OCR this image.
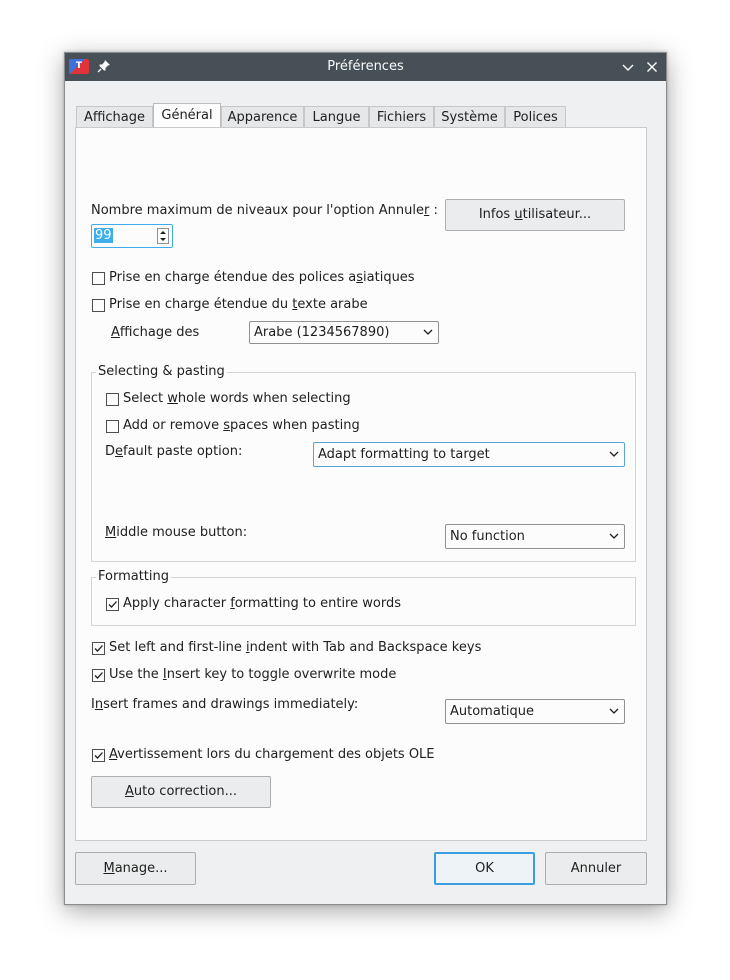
T	Préférences
Affichage	Général	Apparence	Langue	Fichiers	Système	Polices
Nombre maximum de niveaux pour l'option Annuler :
99
Infos utilisateur...
Prise en charge étendue des polices asiatiques
Prise en charge étendue du texte arabe
Affichage des	Arabe (1234567890)
Selecting & pasting
Select whole words when selecting
Add or remove spaces when pasting
Default paste option:	Adapt formatting to target
Middle mouse button:	No function
Formatting
Apply character formatting to entire words
Set left and first-line indent with Tab and Backspace keys
Use the Insert key to toggle overwrite mode
Insert frames and drawings immediately:	Automatique
Avertissement lors du chargement des objets OLE
Auto correction...
Manage...	OK	Annuler
